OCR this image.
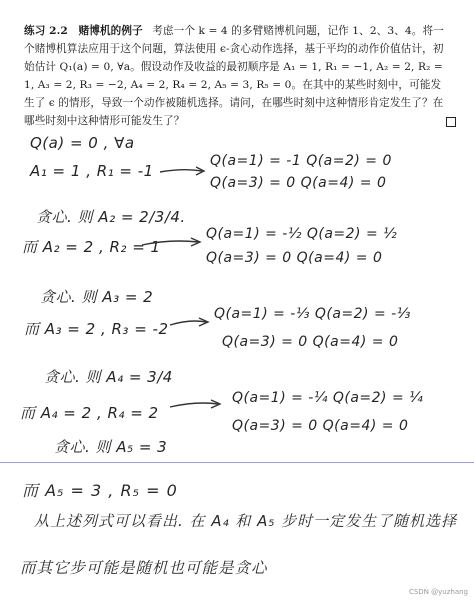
练习 2.2　赌博机的例子 考虑一个 k = 4 的多臂赌博机问题，记作 1、2、3、4。将一个赌博机算法应用于这个问题，算法使用 ϵ-贪心动作选择，基于平均的动作价值估计，初始估计 Q₁(a) = 0, ∀a。假设动作及收益的最初顺序是 A₁ = 1, R₁ = −1, A₂ = 2, R₂ = 1, A₃ = 2, R₃ = −2, A₄ = 2, R₄ = 2, A₅ = 3, R₅ = 0。在其中的某些时刻中，可能发生了 ϵ 的情形，导致一个动作被随机选择。请问，在哪些时刻中这种情形肯定发生了？在哪些时刻中这种情形可能发生了？
Q(a) = 0 , ∀a
A₁ = 1 , R₁ = -1
Q(a=1) = -1 Q(a=2) = 0
Q(a=3) = 0 Q(a=4) = 0
贪心. 则 A₂ = 2/3/4.
而 A₂ = 2 , R₂ = 1
Q(a=1) = -½ Q(a=2) = ½
Q(a=3) = 0 Q(a=4) = 0
贪心. 则 A₃ = 2
而 A₃ = 2 , R₃ = -2
Q(a=1) = -⅓ Q(a=2) = -⅓
Q(a=3) = 0 Q(a=4) = 0
贪心. 则 A₄ = 3/4
而 A₄ = 2 , R₄ = 2
Q(a=1) = -¼ Q(a=2) = ¼
Q(a=3) = 0 Q(a=4) = 0
贪心. 则 A₅ = 3
而 A₅ = 3 , R₅ = 0
从上述列式可以看出. 在 A₄ 和 A₅ 步时一定发生了随机选择
而其它步可能是随机也可能是贪心
CSDN @yuzhang
